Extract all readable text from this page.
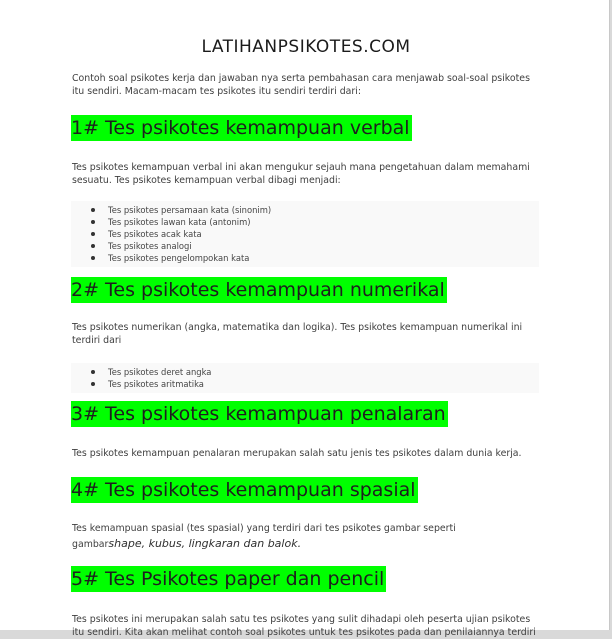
LATIHANPSIKOTES.COM
Contoh soal psikotes kerja dan jawaban nya serta pembahasan cara menjawab soal-soal psikotes itu sendiri. Macam-macam tes psikotes itu sendiri terdiri dari:
1# Tes psikotes kemampuan verbal
Tes psikotes kemampuan verbal ini akan mengukur sejauh mana pengetahuan dalam memahami sesuatu. Tes psikotes kemampuan verbal dibagi menjadi:
Tes psikotes persamaan kata (sinonim)
Tes psikotes lawan kata (antonim)
Tes psikotes acak kata
Tes psikotes analogi
Tes psikotes pengelompokan kata
2# Tes psikotes kemampuan numerikal
Tes psikotes numerikan (angka, matematika dan logika). Tes psikotes kemampuan numerikal ini terdiri dari
Tes psikotes deret angka
Tes psikotes aritmatika
3# Tes psikotes kemampuan penalaran
Tes psikotes kemampuan penalaran merupakan salah satu jenis tes psikotes dalam dunia kerja.
4# Tes psikotes kemampuan spasial
Tes kemampuan spasial (tes spasial) yang terdiri dari tes psikotes gambar seperti
gambarshape, kubus, lingkaran dan balok.
5# Tes Psikotes paper dan pencil
Tes psikotes ini merupakan salah satu tes psikotes yang sulit dihadapi oleh peserta ujian psikotes itu sendiri. Kita akan melihat contoh soal psikotes untuk tes psikotes pada dan penilaiannya terdiri
